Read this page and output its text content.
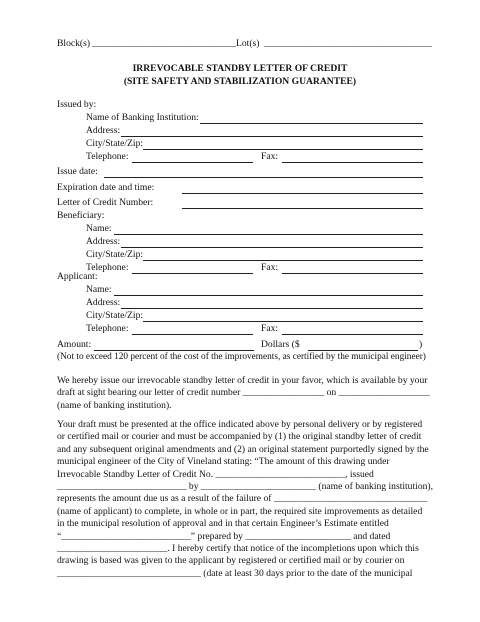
Block(s) ______________________________ Lot(s) ___________________________________
IRREVOCABLE STANDBY LETTER OF CREDIT
(SITE SAFETY AND STABILIZATION GUARANTEE)
Issued by:
Name of Banking Institution:
Address:
City/State/Zip:
Telephone:	Fax:
Issue date:
Expiration date and time:
Letter of Credit Number:
Beneficiary:
Name:
Address:
City/State/Zip:
Telephone:	Fax:
Applicant:
Name:
Address:
City/State/Zip:
Telephone:	Fax:
Amount:	Dollars ($	)
(Not to exceed 120 percent of the cost of the improvements, as certified by the municipal engineer)
We hereby issue our irrevocable standby letter of credit in your favor, which is available by your
draft at sight bearing our letter of credit number _________________ on ___________________
(name of banking institution).
Your draft must be presented at the office indicated above by personal delivery or by registered
or certified mail or courier and must be accompanied by (1) the original standby letter of credit
and any subsequent original amendments and (2) an original statement purportedly signed by the
municipal engineer of the City of Vineland stating: “The amount of this drawing under
Irrevocable Standby Letter of Credit No. ___________________________, issued
___________________________ by ________________________ (name of banking institution),
represents the amount due us as a result of the failure of ________________________________
(name of applicant) to complete, in whole or in part, the required site improvements as detailed
in the municipal resolution of approval and in that certain Engineer’s Estimate entitled
“___________________________” prepared by ______________________ and dated
_______________________. I hereby certify that notice of the incompletions upon which this
drawing is based was given to the applicant by registered or certified mail or by courier on
______________________________ (date at least 30 days prior to the date of the municipal
